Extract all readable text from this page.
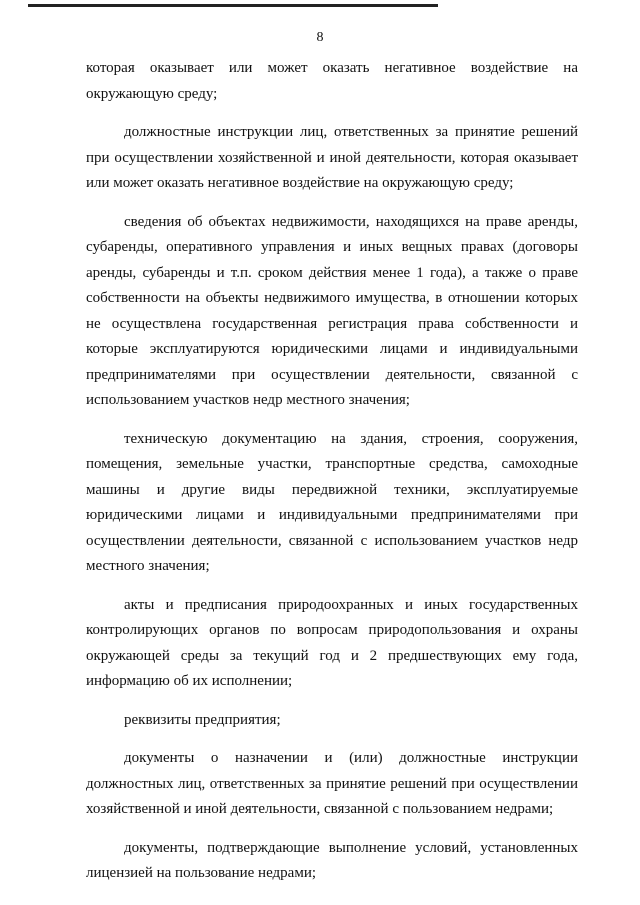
8

которая оказывает или может оказать негативное воздействие на окружающую среду;

должностные инструкции лиц, ответственных за принятие решений при осуществлении хозяйственной и иной деятельности, которая оказывает или может оказать негативное воздействие на окружающую среду;

сведения об объектах недвижимости, находящихся на праве аренды, субаренды, оперативного управления и иных вещных правах (договоры аренды, субаренды и т.п. сроком действия менее 1 года), а также о праве собственности на объекты недвижимого имущества, в отношении которых не осуществлена государственная регистрация права собственности и которые эксплуатируются юридическими лицами и индивидуальными предпринимателями при осуществлении деятельности, связанной с использованием участков недр местного значения;

техническую документацию на здания, строения, сооружения, помещения, земельные участки, транспортные средства, самоходные машины и другие виды передвижной техники, эксплуатируемые юридическими лицами и индивидуальными предпринимателями при осуществлении деятельности, связанной с использованием участков недр местного значения;

акты и предписания природоохранных и иных государственных контролирующих органов по вопросам природопользования и охраны окружающей среды за текущий год и 2 предшествующих ему года, информацию об их исполнении;

реквизиты предприятия;

документы о назначении и (или) должностные инструкции должностных лиц, ответственных за принятие решений при осуществлении хозяйственной и иной деятельности, связанной с пользованием недрами;

документы, подтверждающие выполнение условий, установленных лицензией на пользование недрами;
